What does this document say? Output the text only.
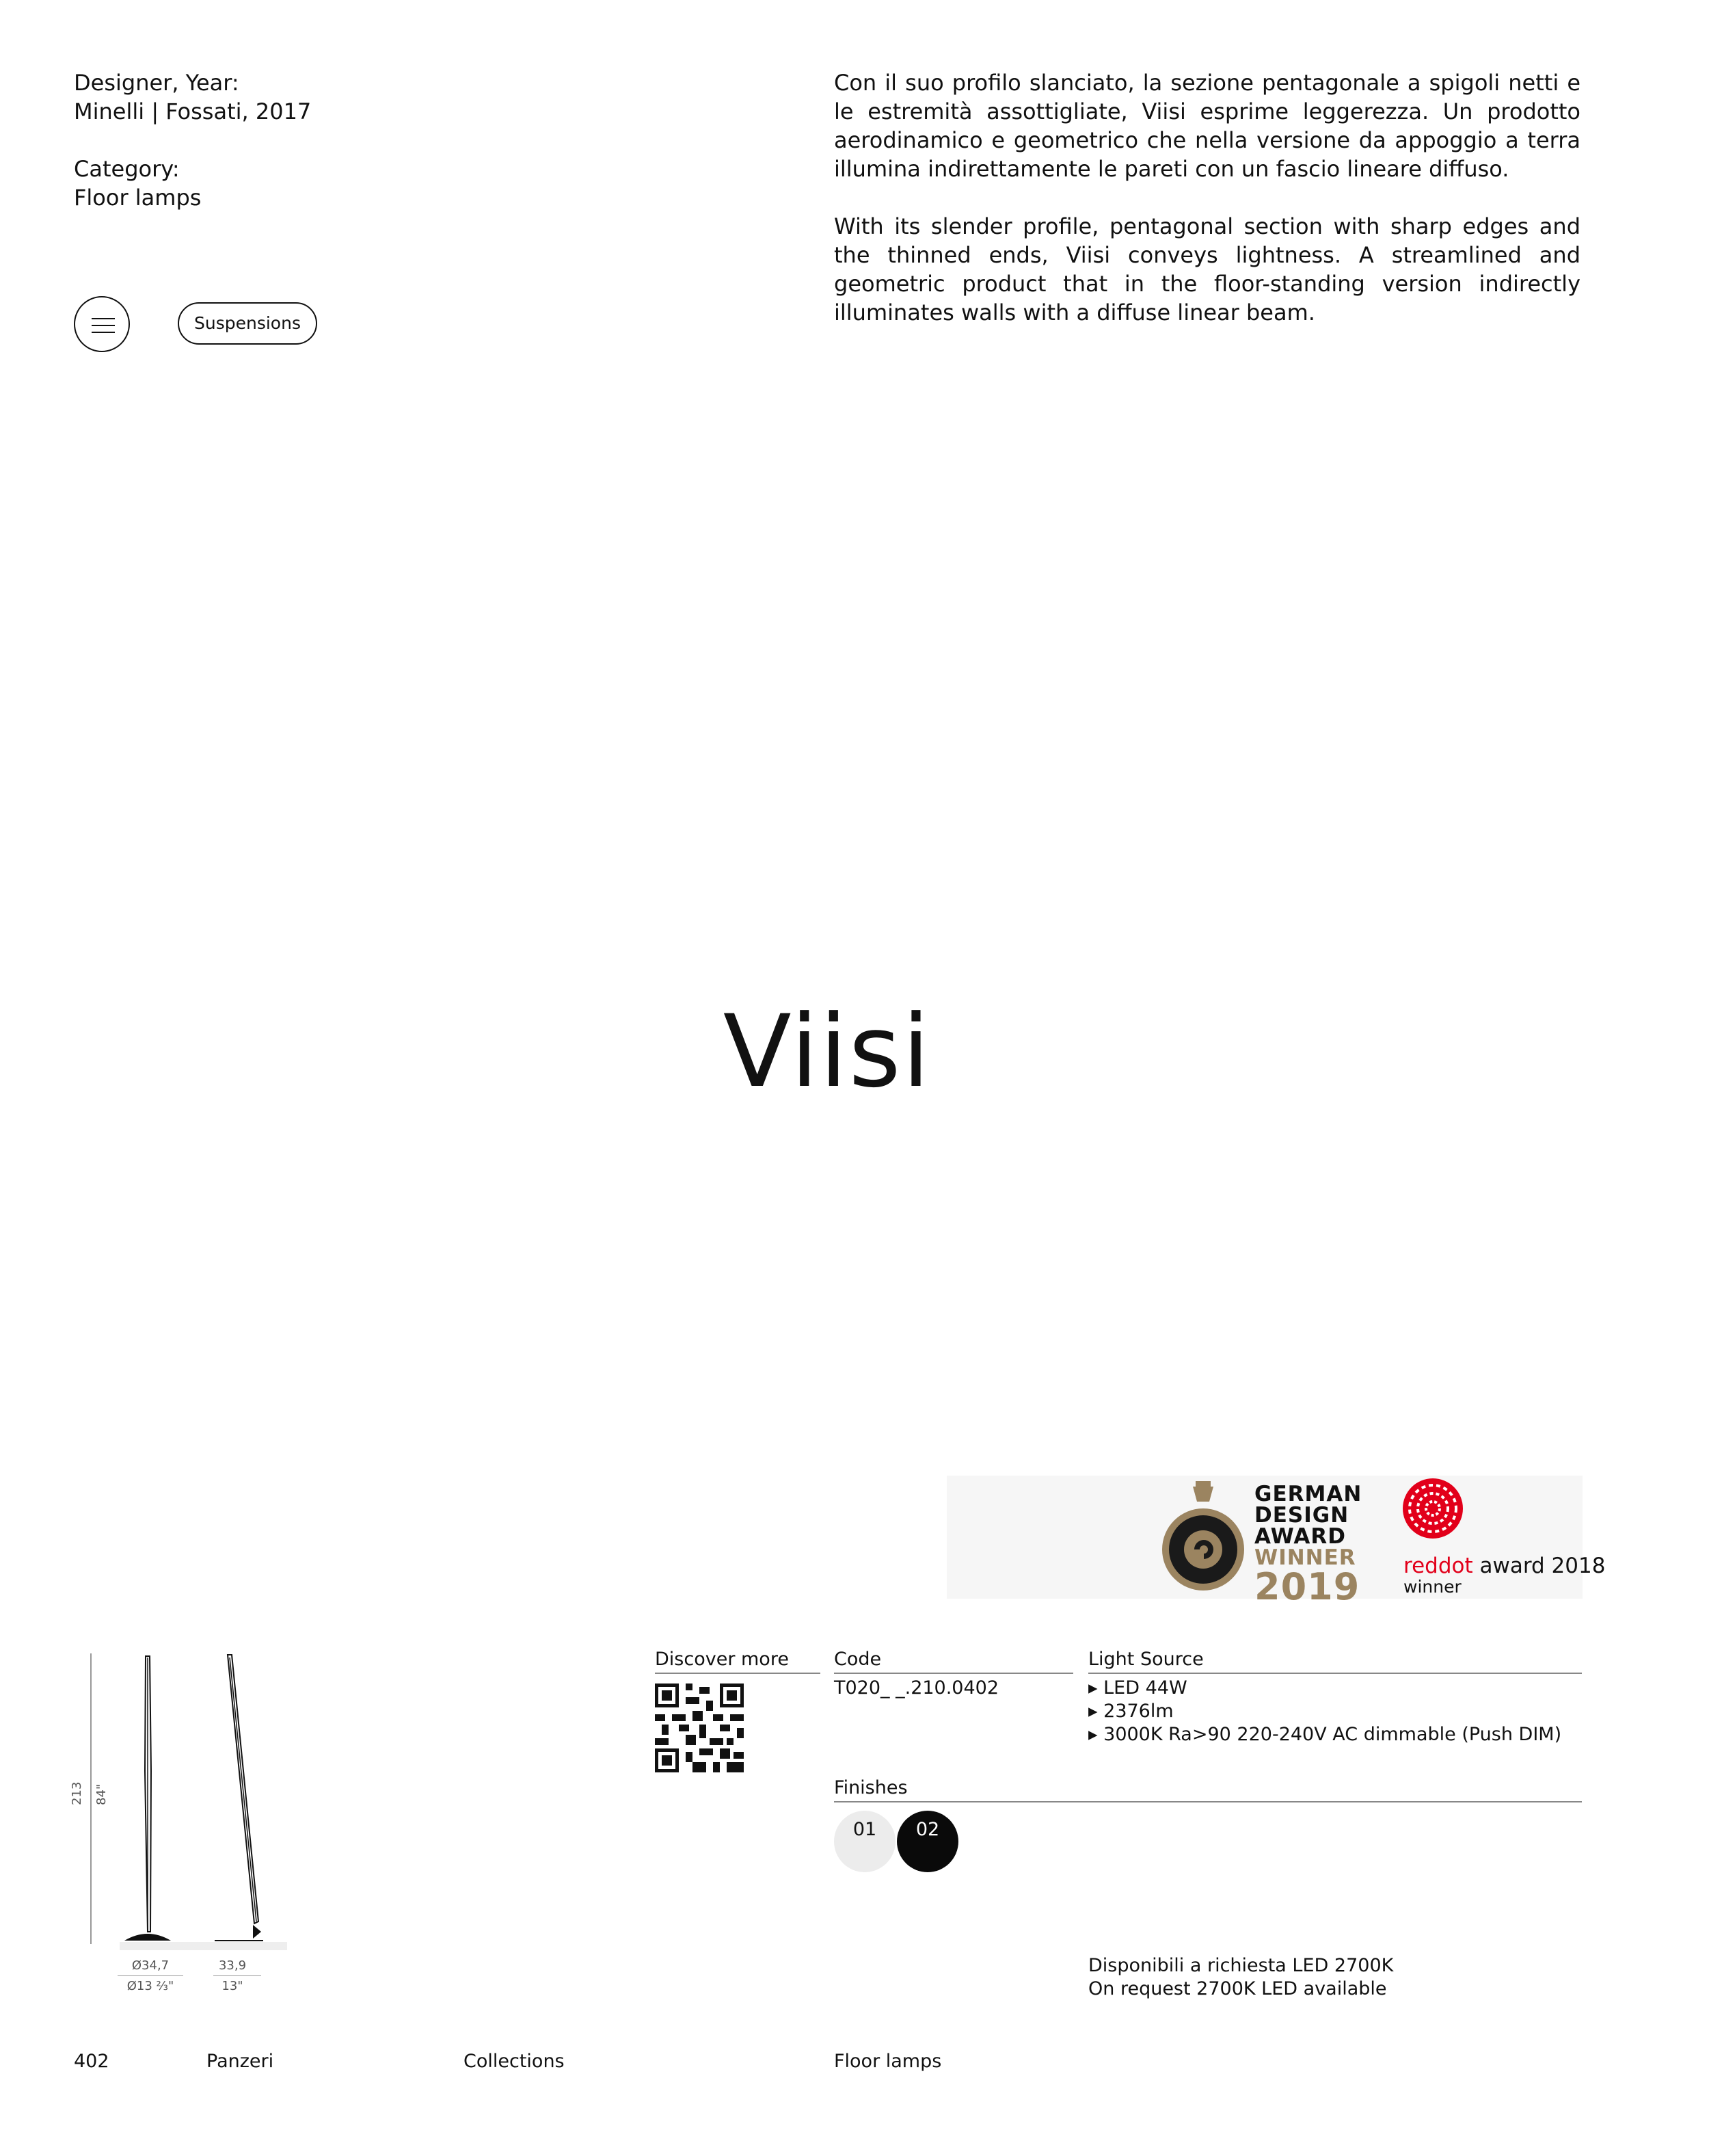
Designer, Year:
Minelli | Fossati, 2017
Category:
Floor lamps

Con il suo profilo slanciato, la sezione pentagonale a spigoli netti e le estremità assottigliate, Viisi esprime leggerezza. Un prodotto aerodinamico e geometrico che nella versione da appoggio a terra illumina indirettamente le pareti con un fascio lineare diffuso.

With its slender profile, pentagonal section with sharp edges and the thinned ends, Viisi conveys lightness. A streamlined and geometric product that in the floor-standing version indirectly illuminates walls with a diffuse linear beam.

Suspensions
Viisi
GERMAN
DESIGN
AWARD
WINNER
2019 reddot award 2018
winner
213 84"
Ø34,7
Ø13 ⅔"
33,9
13"
Discover more Code
T020_ _.210.0402
Light Source
▸ LED 44W
▸ 2376lm
▸ 3000K Ra>90 220-240V AC dimmable (Push DIM)
Finishes
01	02
Disponibili a richiesta LED 2700K
On request 2700K LED available
402	Panzeri	Collections	Floor lamps
